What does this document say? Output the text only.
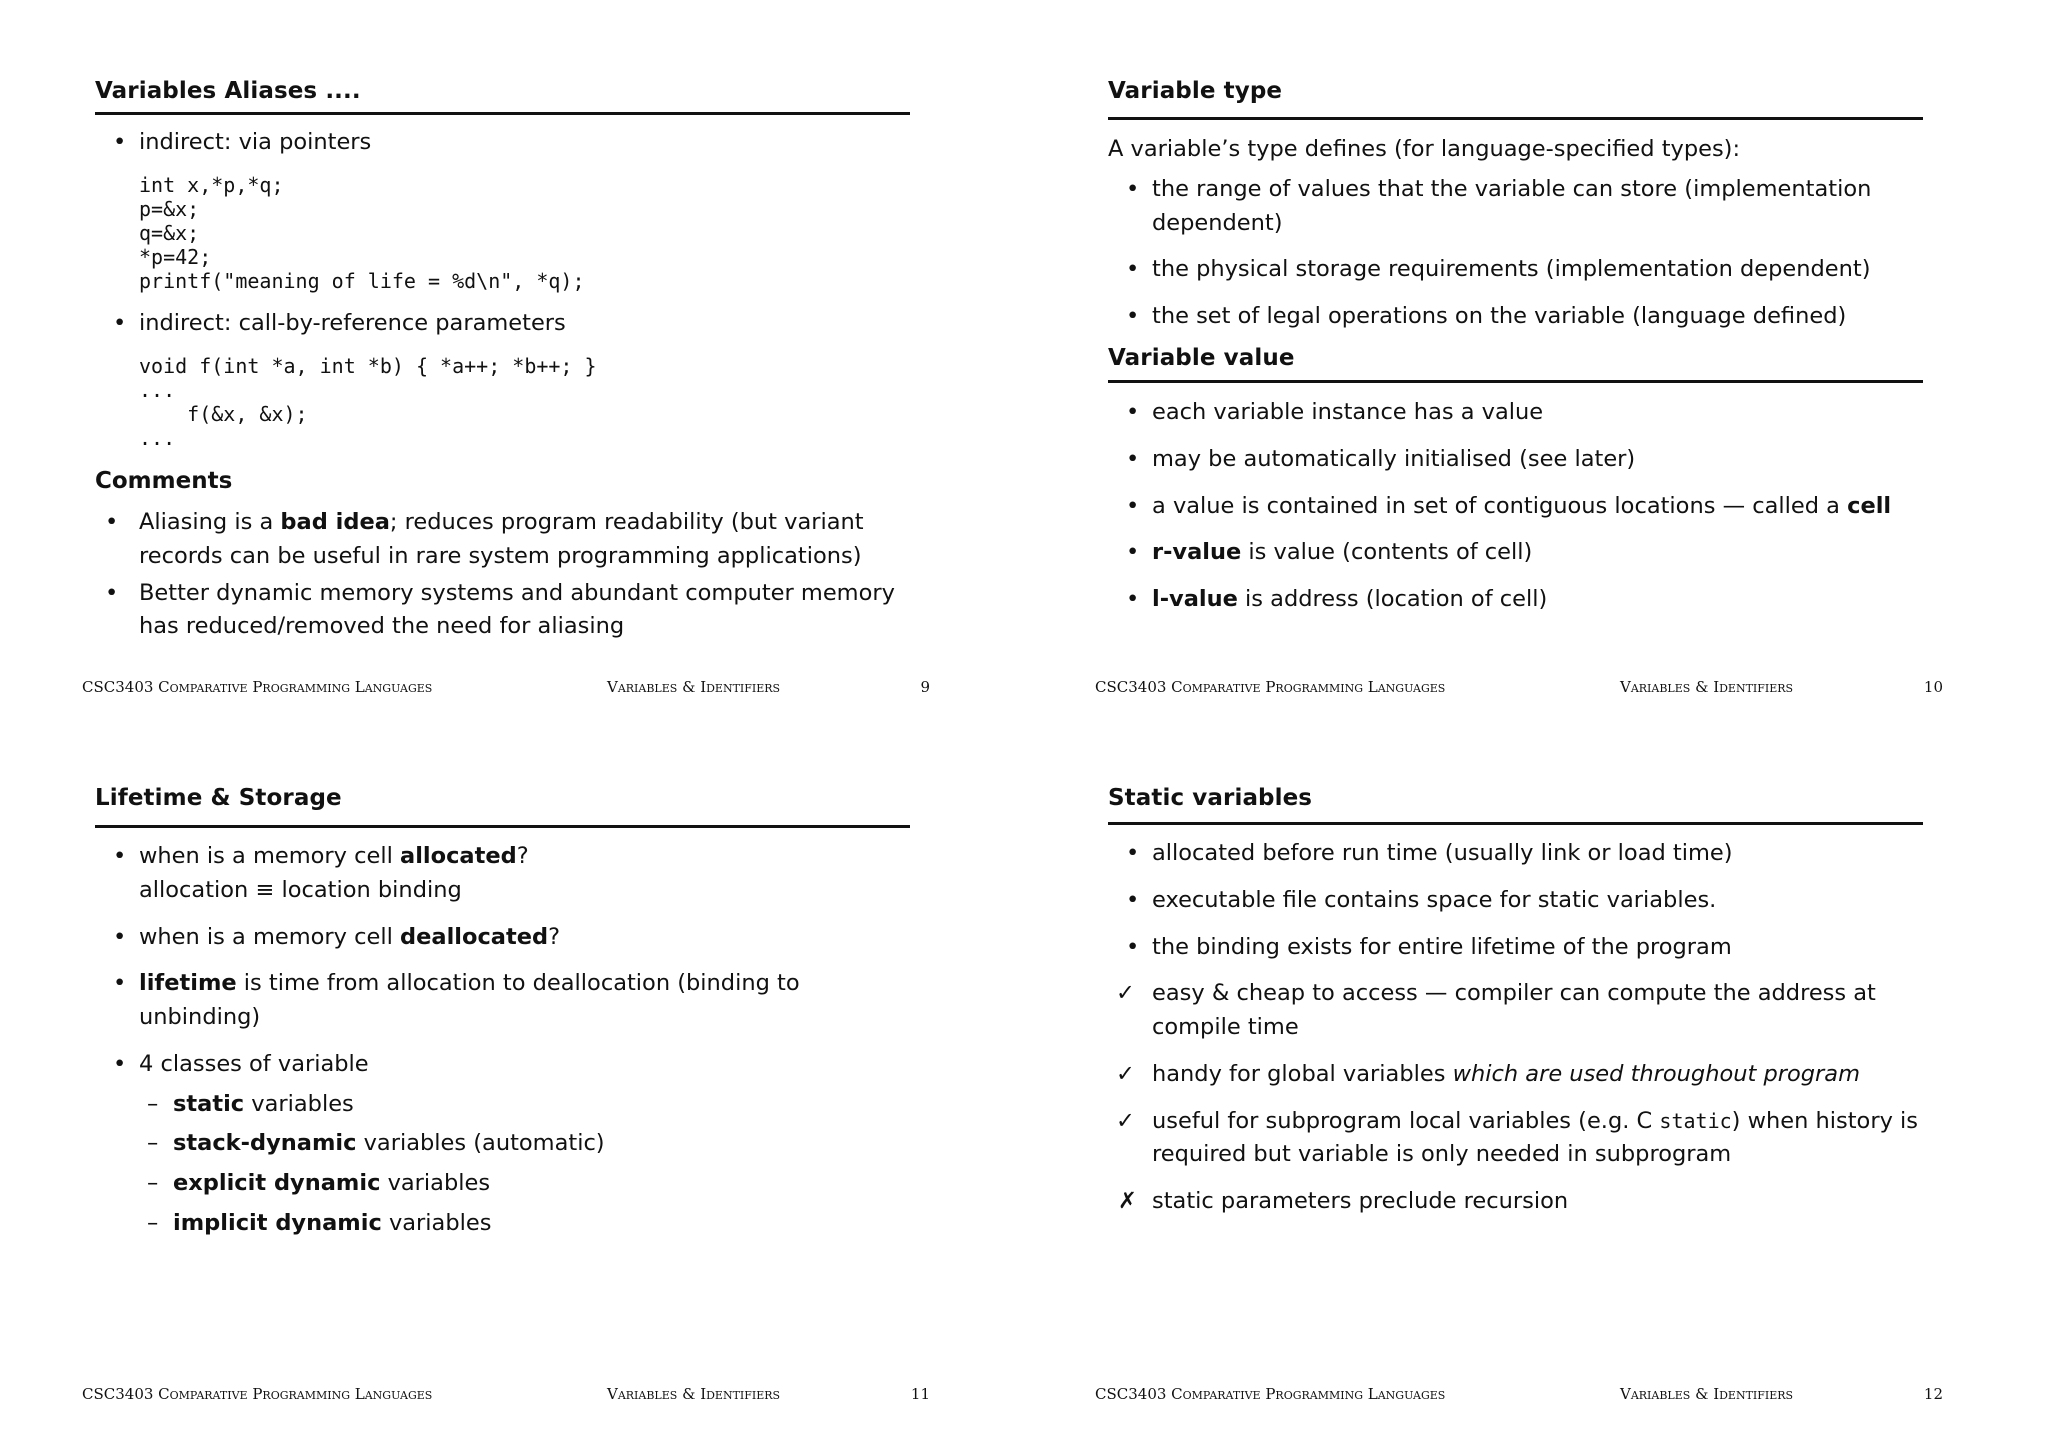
Variables Aliases ....
• indirect: via pointers
int x,*p,*q;
p=&x;
q=&x;
*p=42;
printf("meaning of life = %d\n", *q);
• indirect: call-by-reference parameters
void f(int *a, int *b) { *a++; *b++; }
...
f(&x, &x);
...
Comments
• Aliasing is a bad idea; reduces program readability (but variant records can be useful in rare system programming applications)
• Better dynamic memory systems and abundant computer memory has reduced/removed the need for aliasing
CSC3403 Comparative Programming Languages	Variables & Identifiers	9
Variable type
A variable’s type defines (for language-specified types):
• the range of values that the variable can store (implementation dependent)
• the physical storage requirements (implementation dependent)
• the set of legal operations on the variable (language defined)
Variable value
• each variable instance has a value
• may be automatically initialised (see later)
• a value is contained in set of contiguous locations — called a cell
• r-value is value (contents of cell)
• l-value is address (location of cell)
CSC3403 Comparative Programming Languages	Variables & Identifiers	10
Lifetime & Storage
• when is a memory cell allocated?
allocation ≡ location binding
• when is a memory cell deallocated?
• lifetime is time from allocation to deallocation (binding to unbinding)
• 4 classes of variable
– static variables
– stack-dynamic variables (automatic)
– explicit dynamic variables
– implicit dynamic variables
CSC3403 Comparative Programming Languages	Variables & Identifiers	11
Static variables
• allocated before run time (usually link or load time)
• executable file contains space for static variables.
• the binding exists for entire lifetime of the program
✓ easy & cheap to access — compiler can compute the address at compile time
✓ handy for global variables which are used throughout program
✓ useful for subprogram local variables (e.g. C static) when history is required but variable is only needed in subprogram
✗ static parameters preclude recursion
CSC3403 Comparative Programming Languages	Variables & Identifiers	12
